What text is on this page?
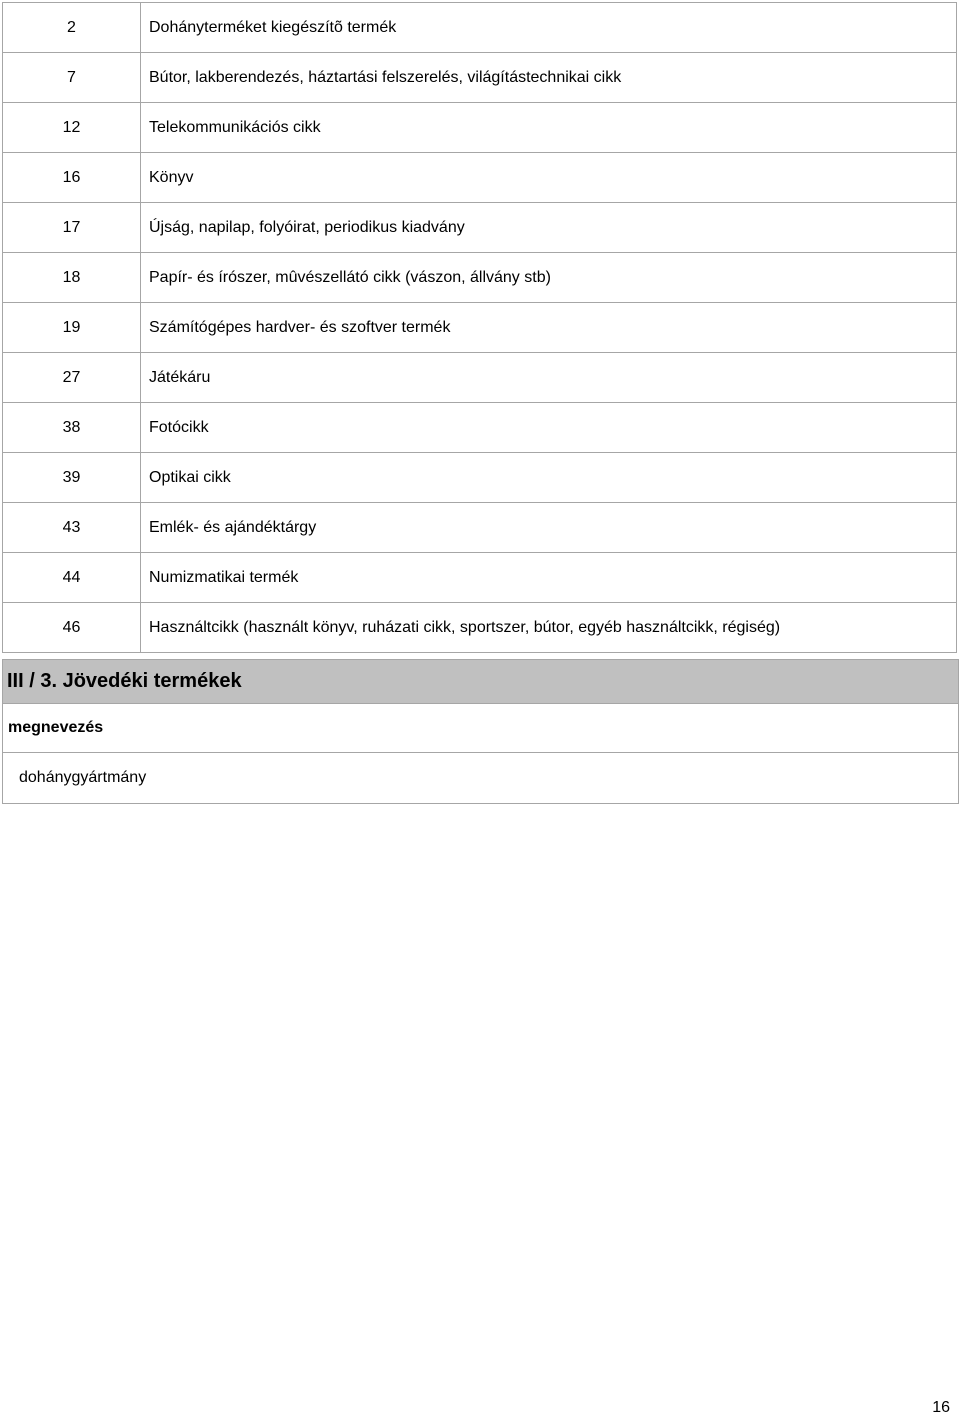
2	Dohányterméket kiegészítõ termék
7	Bútor, lakberendezés, háztartási felszerelés, világítástechnikai cikk
12	Telekommunikációs cikk
16	Könyv
17	Újság, napilap, folyóirat, periodikus kiadvány
18	Papír- és írószer, mûvészellátó cikk (vászon, állvány stb)
19	Számítógépes hardver- és szoftver termék
27	Játékáru
38	Fotócikk
39	Optikai cikk
43	Emlék- és ajándéktárgy
44	Numizmatikai termék
46	Használtcikk (használt könyv, ruházati cikk, sportszer, bútor, egyéb használtcikk, régiség)
III / 3. Jövedéki termékek
megnevezés
dohánygyártmány
16
